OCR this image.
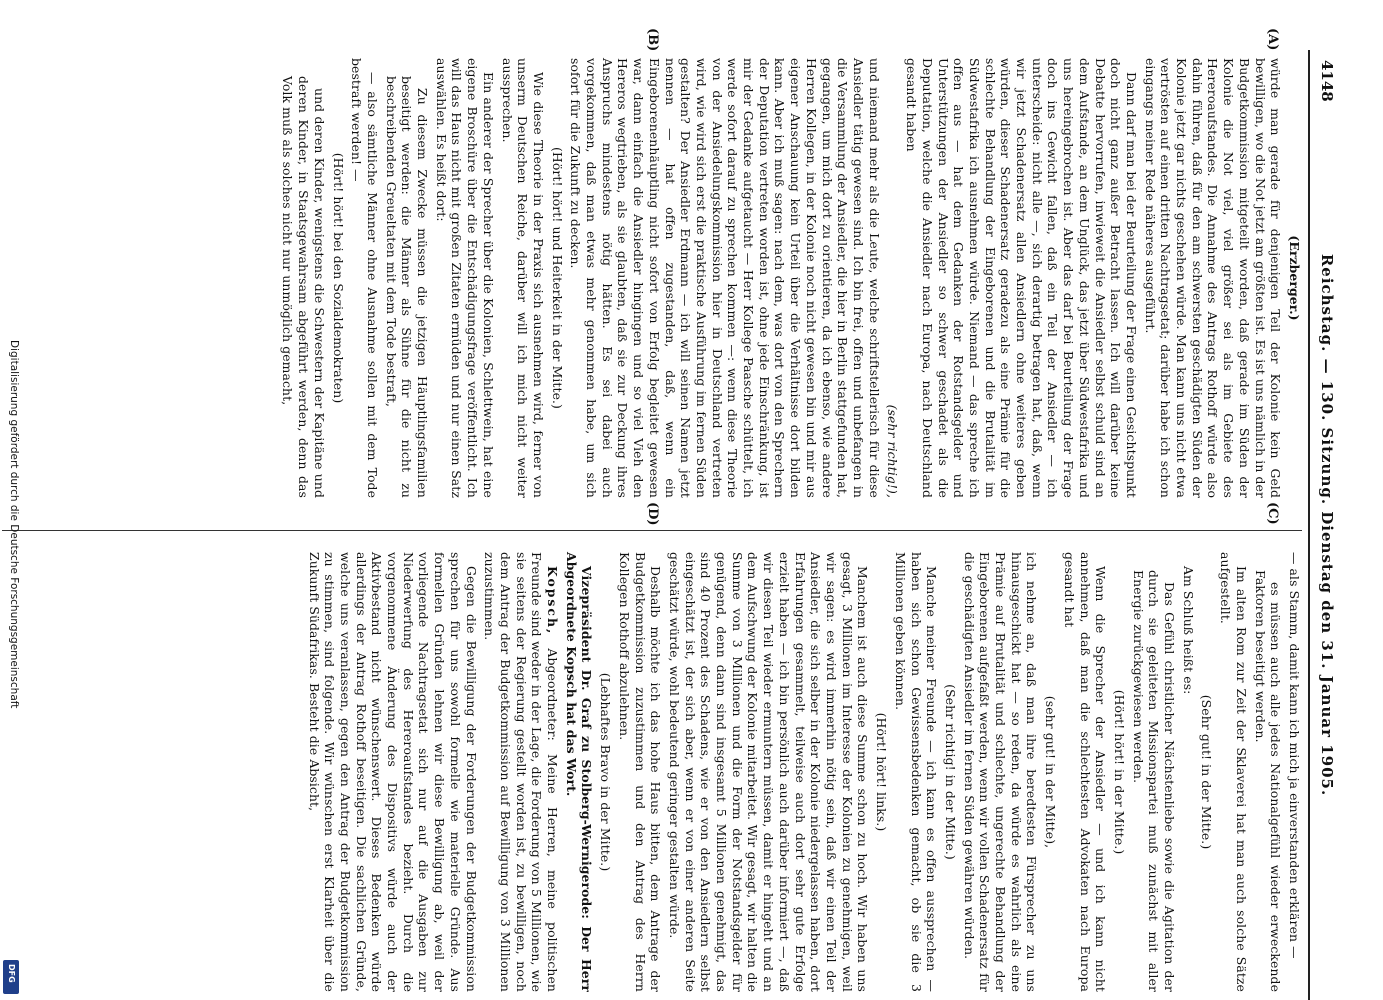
4148
Reichstag. — 130. Sitzung. Dienstag den 31. Januar 1905.
(A)
(B)
(C)
(D)

(Erzberger.)

würde man gerade für denjenigen Teil der Kolonie kein Geld bewilligen, wo die Not jetzt am größten ist. Es ist uns nämlich in der Budgetkommission mitgeteilt worden, daß gerade im Süden der Kolonie die Not viel, viel größer sei als im Gebiete des Hereroaufstandes. Die Annahme des Antrags Rothoff würde also dahin führen, daß für den am schwersten geschädigten Süden der Kolonie jetzt gar nichts geschehen würde. Man kann uns nicht etwa vertrösten auf einen dritten Nachtragsetat; darüber habe ich schon eingangs meiner Rede näheres ausgeführt.

Dann darf man bei der Beurteilung der Frage einen Gesichtspunkt doch nicht ganz außer Betracht lassen. Ich will darüber keine Debatte hervorrufen, inwieweit die Ansiedler selbst schuld sind an dem Aufstande, an dem Unglück, das jetzt über Südwestafrika und uns hereingebrochen ist. Aber das darf bei Beurteilung der Frage doch ins Gewicht fallen, daß ein Teil der Ansiedler — ich unterscheide: nicht alle —, sich derartig betragen hat, daß, wenn wir jetzt Schadenersatz allen Ansiedlern ohne weiteres geben würden, dieser Schadenersatz geradezu als eine Prämie für die schlechte Behandlung der Eingeborenen und die Brutalität im Südwestafrika ich ausnehmen würde. Niemand — das spreche ich offen aus — hat dem Gedanken der Rotstandsgelder und Unterstützungen der Ansiedler so schwer geschadet als die Deputation, welche die Ansiedler nach Europa, nach Deutschland gesandt haben

(sehr richtig!),

und niemand mehr als die Leute, welche schriftstellerisch für diese Ansiedler tätig gewesen sind. Ich bin frei, offen und unbefangen in die Versammlung der Ansiedler, die hier in Berlin stattgefunden hat, gegangen, um mich dort zu orientieren, da ich ebenso, wie andere Herren Kollegen, in der Kolonie noch nicht gewesen bin und mir aus eigener Anschauung kein Urteil über die Verhältnisse dort bilden kann. Aber ich muß sagen: nach dem, was dort von den Sprechern der Deputation vertreten worden ist, ohne jede Einschränkung, ist mir der Gedanke aufgetaucht — Herr Kollege Paasche schüttelt, ich werde sofort darauf zu sprechen kommen —: wenn diese Theorie von der Ansiedelungskommission hier in Deutschland vertreten wird, wie wird sich erst die praktische Ausführung im fernen Süden gestalten? Der Ansiedler Erdmann — ich will seinen Namen jetzt nennen — hat offen zugestanden, daß, wenn ein Eingeborenenhäuptling nicht sofort von Erfolg begleitet gewesen war, dann einfach die Ansiedler hingingen und so viel Vieh den Hereros wegtrieben, als sie glaubten, daß sie zur Deckung ihres Anspruchs mindestens nötig hätten. Es sei dabei auch vorgekommen, daß man etwas mehr genommen habe, um sich sofort für die Zukunft zu decken.

(Hört! hört! und Heiterkeit in der Mitte.)

Wie diese Theorie in der Praxis sich ausnehmen wird, ferner von unserm Deutschen Reiche, darüber will ich mich nicht weiter aussprechen.

Ein anderer der Sprecher über die Kolonien, Schlettwein, hat eine eigene Broschüre über die Entschädigungsfrage veröffentlicht. Ich will das Haus nicht mit großen Zitaten ermüden und nur einen Satz auswählen. Es heißt dort:

Zu diesem Zwecke müssen die jetzigen Häuptlingsfamilien beseitigt werden: die Männer als Sühne für die nicht zu beschreibenden Greueltaten mit dem Tode bestraft,

— also sämtliche Männer ohne Ausnahme sollen mit dem Tode bestraft werden! —

(Hört! hört! bei den Sozialdemokraten)

und deren Kinder, wenigstens die Schwestern der Kapitäne und deren Kinder, in Staatsgewahrsam abgeführt werden, denn das Volk muß als solches nicht nur unmöglich gemacht,

— als Stamm, damit kann ich mich ja einverstanden erklären —

es müssen auch alle jedes Nationalgefühl wieder erweckende Faktoren beseitigt werden.

Im alten Rom zur Zeit der Sklaverei hat man auch solche Sätze aufgestellt.

(Sehr gut! in der Mitte.)

Am Schluß heißt es:

Das Gefühl christlicher Nächstenliebe sowie die Agitation der durch sie geleiteten Missionspartei muß zunächst mit aller Energie zurückgewiesen werden.

(Hört! hört! in der Mitte.)

Wenn die Sprecher der Ansiedler — und ich kann nicht annehmen, daß man die schlechtesten Advokaten nach Europa gesandt hat

(sehr gut! in der Mitte),

ich nehme an, daß man ihre beredtesten Fürsprecher zu uns hinausgeschickt hat — so reden, da würde es wahrlich als eine Prämie auf Brutalität und schlechte, ungerechte Behandlung der Eingeborenen aufgefaßt werden, wenn wir vollen Schadenersatz für die geschädigten Ansiedler im fernen Süden gewähren würden.

(Sehr richtig! in der Mitte.)

Manche meiner Freunde — ich kann es offen aussprechen — haben sich schon Gewissensbedenken gemacht, ob sie die 3 Millionen geben können.

(Hört! hört! links.)

Manchem ist auch diese Summe schon zu hoch. Wir haben uns gesagt, 3 Millionen im Interesse der Kolonien zu genehmigen, weil wir sagen: es wird immerhin nötig sein, daß wir einen Teil der Ansiedler, die sich selber in der Kolonie niedergelassen haben, dort Erfahrungen gesammelt, teilweise auch dort sehr gute Erfolge erzielt haben — ich bin persönlich auch darüber informiert —, daß wir diesen Teil wieder ermuntern müssen, damit er hingeht und an dem Aufschwung der Kolonie mitarbeitet. Wir gesagt, wir halten die Summe von 3 Millionen und die Form der Notstandsgelder für genügend, denn dann sind insgesamt 5 Millionen genehmigt, das sind 40 Prozent des Schadens, wie er von den Ansiedlern selbst eingeschätzt ist, der sich aber, wenn er von einer anderen Seite geschätzt würde, wohl bedeutend geringer gestalten würde.

Deshalb möchte ich das hohe Haus bitten, dem Antrage der Budgetkommission zuzustimmen und den Antrag des Herrn Kollegen Rothoff abzulehnen.

(Lebhaftes Bravo in der Mitte.)

Vizepräsident Dr. Graf zu Stolberg-Wernigerode: Der Herr Abgeordnete Kopsch hat das Wort.

Kopsch, Abgeordneter: Meine Herren, meine politischen Freunde sind weder in der Lage, die Forderung von 5 Millionen, wie sie seitens der Regierung gestellt worden ist, zu bewilligen, noch dem Antrag der Budgetkommission auf Bewilligung von 3 Millionen zuzustimmen.

Gegen die Bewilligung der Forderungen der Budgetkommission sprechen für uns sowohl formelle wie materielle Gründe. Aus formellen Gründen lehnen wir diese Bewilligung ab, weil der vorliegende Nachtragsetat sich nur auf die Ausgaben zur Niederwerfung des Hereroaufstandes bezieht. Durch die vorgenommene Änderung des Dispositivs würde auch der Aktivbestand nicht wünschenswert. Dieses Bedenken würde allerdings der Antrag Rothoff beseitigen. Die sachlichen Gründe, welche uns veranlassen, gegen den Antrag der Budgetkommission zu stimmen, sind folgende. Wir wünschen erst Klarheit über die Zukunft Südafrikas. Besteht die Absicht,

Digitalisierung gefördert durch die Deutsche Forschungsgemeinschaft
DFG
